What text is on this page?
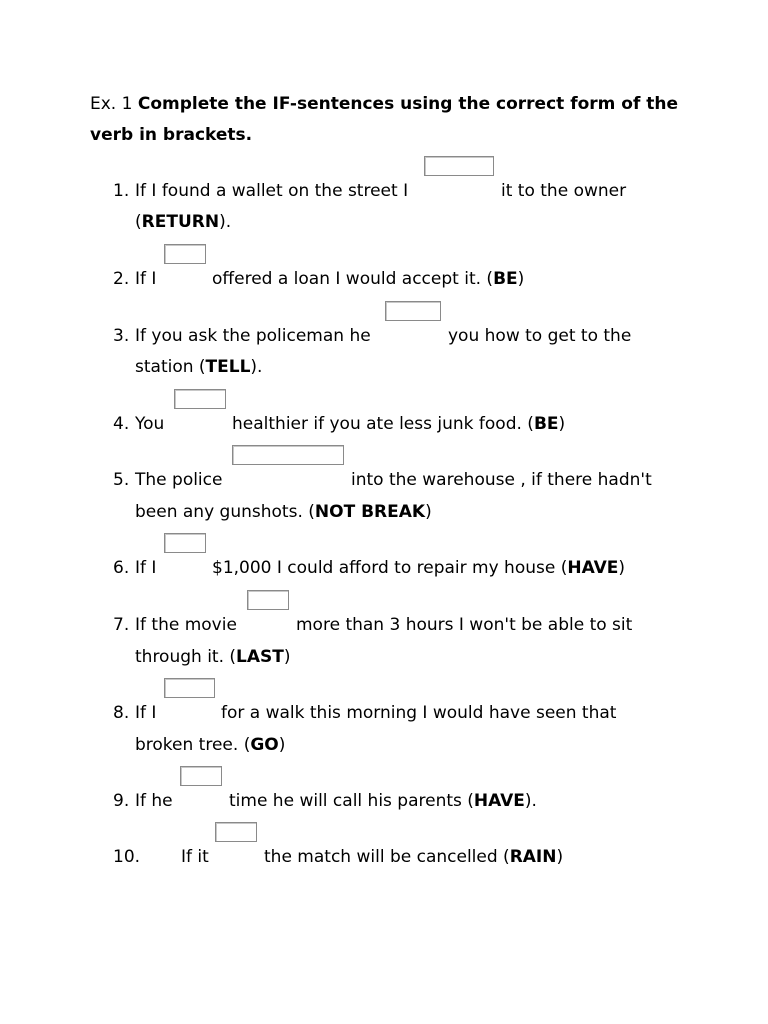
Ex. 1 Complete the IF-sentences using the correct form of the verb in brackets.
1. If I found a wallet on the street I	it to the owner
(RETURN).
2. If I	offered a loan I would accept it. (BE)
3. If you ask the policeman he	you how to get to the
station (TELL).
4. You	healthier if you ate less junk food. (BE)
5. The police	into the warehouse , if there hadn't
been any gunshots. (NOT BREAK)
6. If I	$1,000 I could afford to repair my house (HAVE)
7. If the movie	more than 3 hours I won't be able to sit
through it. (LAST)
8. If I	for a walk this morning I would have seen that
broken tree. (GO)
9. If he	time he will call his parents (HAVE).
10. If it	the match will be cancelled (RAIN)
